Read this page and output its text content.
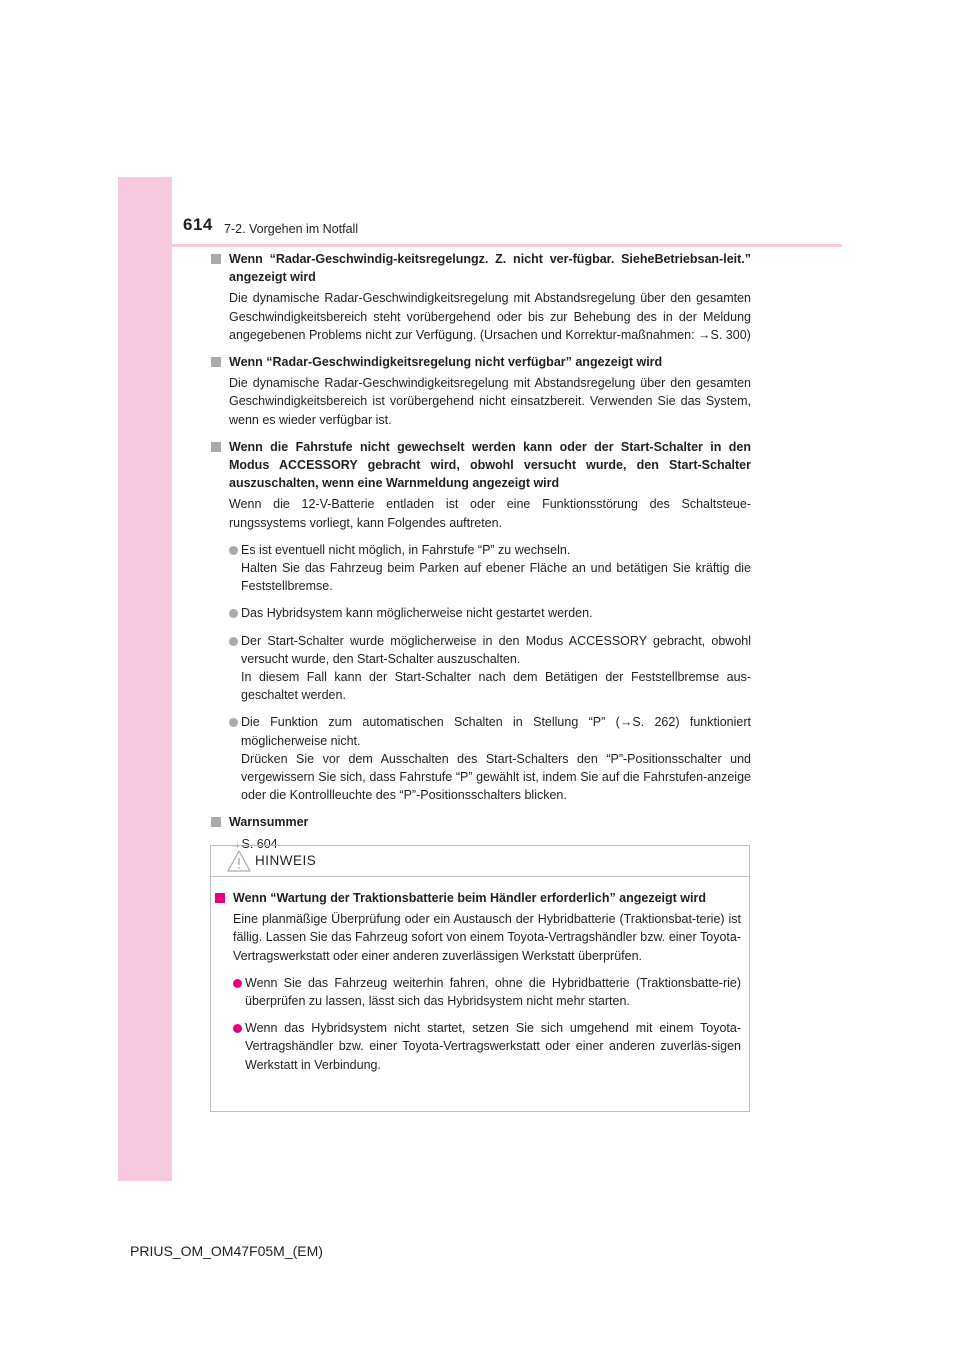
614 7-2. Vorgehen im Notfall
Wenn “Radar-Geschwindig-keitsregelungz. Z. nicht ver-fügbar. SieheBetriebsan-leit.” angezeigt wird

Die dynamische Radar-Geschwindigkeitsregelung mit Abstandsregelung über den gesamten Geschwindigkeitsbereich steht vorübergehend oder bis zur Behebung des in der Meldung angegebenen Problems nicht zur Verfügung. (Ursachen und Korrektur-maßnahmen: →S. 300)

Wenn “Radar-Geschwindigkeitsregelung nicht verfügbar” angezeigt wird

Die dynamische Radar-Geschwindigkeitsregelung mit Abstandsregelung über den gesamten Geschwindigkeitsbereich ist vorübergehend nicht einsatzbereit. Verwenden Sie das System, wenn es wieder verfügbar ist.

Wenn die Fahrstufe nicht gewechselt werden kann oder der Start-Schalter in den Modus ACCESSORY gebracht wird, obwohl versucht wurde, den Start-Schalter auszuschalten, wenn eine Warnmeldung angezeigt wird

Wenn die 12-V-Batterie entladen ist oder eine Funktionsstörung des Schaltsteue-rungssystems vorliegt, kann Folgendes auftreten.

Es ist eventuell nicht möglich, in Fahrstufe “P” zu wechseln.

Halten Sie das Fahrzeug beim Parken auf ebener Fläche an und betätigen Sie kräftig die Feststellbremse.

Das Hybridsystem kann möglicherweise nicht gestartet werden.

Der Start-Schalter wurde möglicherweise in den Modus ACCESSORY gebracht, obwohl versucht wurde, den Start-Schalter auszuschalten.

In diesem Fall kann der Start-Schalter nach dem Betätigen der Feststellbremse aus-geschaltet werden.

Die Funktion zum automatischen Schalten in Stellung “P” (→S. 262) funktioniert möglicherweise nicht.

Drücken Sie vor dem Ausschalten des Start-Schalters den “P”-Positionsschalter und vergewissern Sie sich, dass Fahrstufe “P” gewählt ist, indem Sie auf die Fahrstufen-anzeige oder die Kontrollleuchte des “P”-Positionsschalters blicken.

Warnsummer

→S. 604

HINWEIS
Wenn “Wartung der Traktionsbatterie beim Händler erforderlich” angezeigt wird

Eine planmäßige Überprüfung oder ein Austausch der Hybridbatterie (Traktionsbat-terie) ist fällig. Lassen Sie das Fahrzeug sofort von einem Toyota-Vertragshändler bzw. einer Toyota-Vertragswerkstatt oder einer anderen zuverlässigen Werkstatt überprüfen.

Wenn Sie das Fahrzeug weiterhin fahren, ohne die Hybridbatterie (Traktionsbatte-rie) überprüfen zu lassen, lässt sich das Hybridsystem nicht mehr starten.

Wenn das Hybridsystem nicht startet, setzen Sie sich umgehend mit einem Toyota-Vertragshändler bzw. einer Toyota-Vertragswerkstatt oder einer anderen zuverläs-sigen Werkstatt in Verbindung.

PRIUS_OM_OM47F05M_(EM)
